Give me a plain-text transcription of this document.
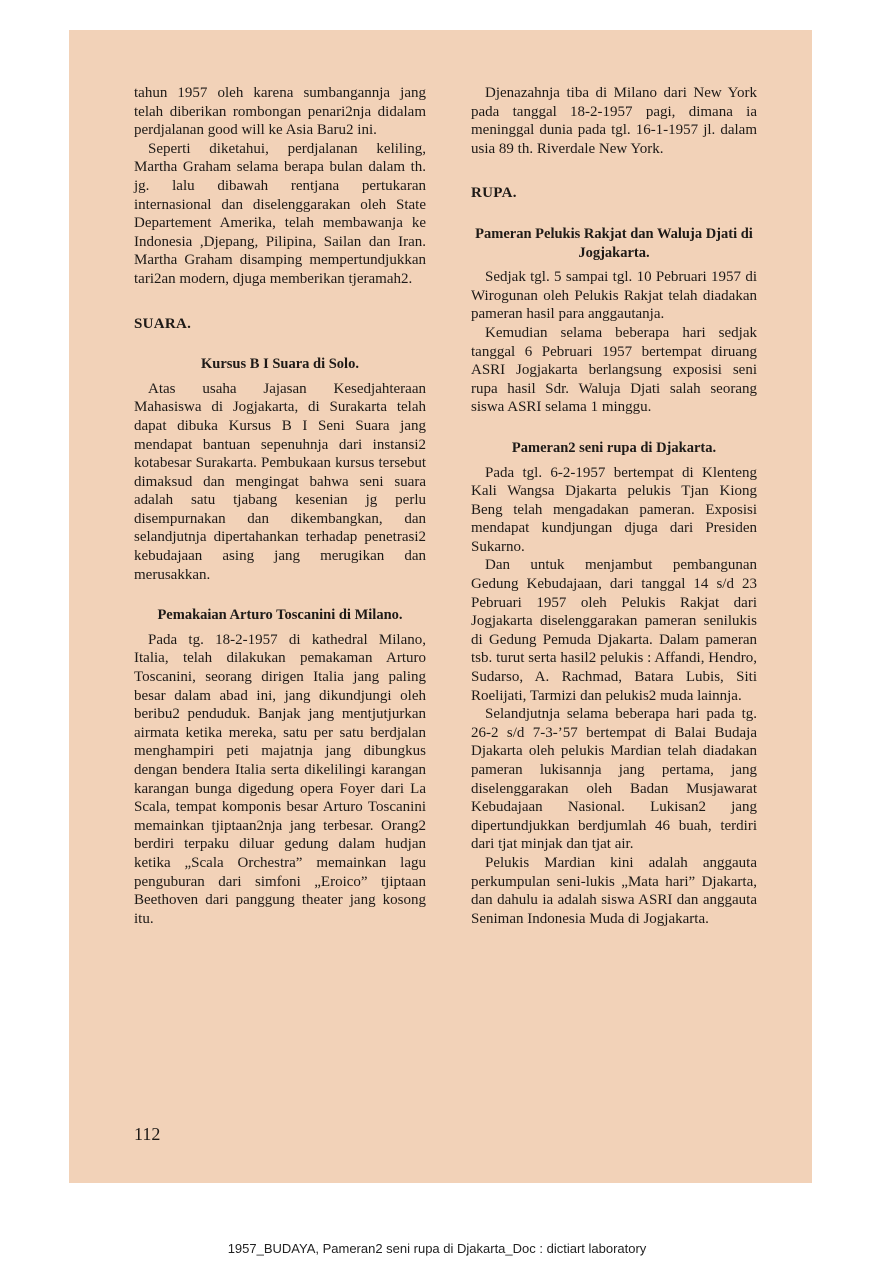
tahun 1957 oleh karena sumbangannja jang telah diberikan rombongan penari2nja didalam perdjalanan good will ke Asia Baru2 ini.

Seperti diketahui, perdjalanan keliling, Martha Graham selama berapa bulan dalam th. jg. lalu dibawah rentjana pertukaran internasional dan diselenggarakan oleh State Departement Amerika, telah membawanja ke Indonesia ,Djepang, Pilipina, Sailan dan Iran. Martha Graham disamping mempertundjukkan tari2an modern, djuga memberikan tjeramah2.

SUARA.

Kursus B I Suara di Solo.

Atas usaha Jajasan Kesedjahteraan Mahasiswa di Jogjakarta, di Surakarta telah dapat dibuka Kursus B I Seni Suara jang mendapat bantuan sepenuhnja dari instansi2 kotabesar Surakarta. Pembukaan kursus tersebut dimaksud dan mengingat bahwa seni suara adalah satu tjabang kesenian jg perlu disempurnakan dan dikembangkan, dan selandjutnja dipertahankan terhadap penetrasi2 kebudajaan asing jang merugikan dan merusakkan.

Pemakaian Arturo Toscanini di Milano.

Pada tg. 18-2-1957 di kathedral Milano, Italia, telah dilakukan pemakaman Arturo Toscanini, seorang dirigen Italia jang paling besar dalam abad ini, jang dikundjungi oleh beribu2 penduduk. Banjak jang mentjutjurkan airmata ketika mereka, satu per satu berdjalan menghampiri peti majatnja jang dibungkus dengan bendera Italia serta dikelilingi karangan karangan bunga digedung opera Foyer dari La Scala, tempat komponis besar Arturo Toscanini memainkan tjiptaan2nja jang terbesar. Orang2 berdiri terpaku diluar gedung dalam hudjan ketika „Scala Orchestra” memainkan lagu penguburan dari simfoni „Eroico” tjiptaan Beethoven dari panggung theater jang kosong itu.

Djenazahnja tiba di Milano dari New York pada tanggal 18-2-1957 pagi, dimana ia meninggal dunia pada tgl. 16-1-1957 jl. dalam usia 89 th. Riverdale New York.

RUPA.

Pameran Pelukis Rakjat dan Waluja Djati di Jogjakarta.

Sedjak tgl. 5 sampai tgl. 10 Pebruari 1957 di Wirogunan oleh Pelukis Rakjat telah diadakan pameran hasil para anggautanja.

Kemudian selama beberapa hari sedjak tanggal 6 Pebruari 1957 bertempat diruang ASRI Jogjakarta berlangsung exposisi seni rupa hasil Sdr. Waluja Djati salah seorang siswa ASRI selama 1 minggu.

Pameran2 seni rupa di Djakarta.

Pada tgl. 6-2-1957 bertempat di Klenteng Kali Wangsa Djakarta pelukis Tjan Kiong Beng telah mengadakan pameran. Exposisi mendapat kundjungan djuga dari Presiden Sukarno.

Dan untuk menjambut pembangunan Gedung Kebudajaan, dari tanggal 14 s/d 23 Pebruari 1957 oleh Pelukis Rakjat dari Jogjakarta diselenggarakan pameran senilukis di Gedung Pemuda Djakarta. Dalam pameran tsb. turut serta hasil2 pelukis : Affandi, Hendro, Sudarso, A. Rachmad, Batara Lubis, Siti Roelijati, Tarmizi dan pelukis2 muda lainnja.

Selandjutnja selama beberapa hari pada tg. 26-2 s/d 7-3-’57 bertempat di Balai Budaja Djakarta oleh pelukis Mardian telah diadakan pameran lukisannja jang pertama, jang diselenggarakan oleh Badan Musjawarat Kebudajaan Nasional. Lukisan2 jang dipertundjukkan berdjumlah 46 buah, terdiri dari tjat minjak dan tjat air.

Pelukis Mardian kini adalah anggauta perkumpulan seni-lukis „Mata hari” Djakarta, dan dahulu ia adalah siswa ASRI dan anggauta Seniman Indonesia Muda di Jogjakarta.

112
1957_BUDAYA, Pameran2 seni rupa di Djakarta_Doc : dictiart laboratory
